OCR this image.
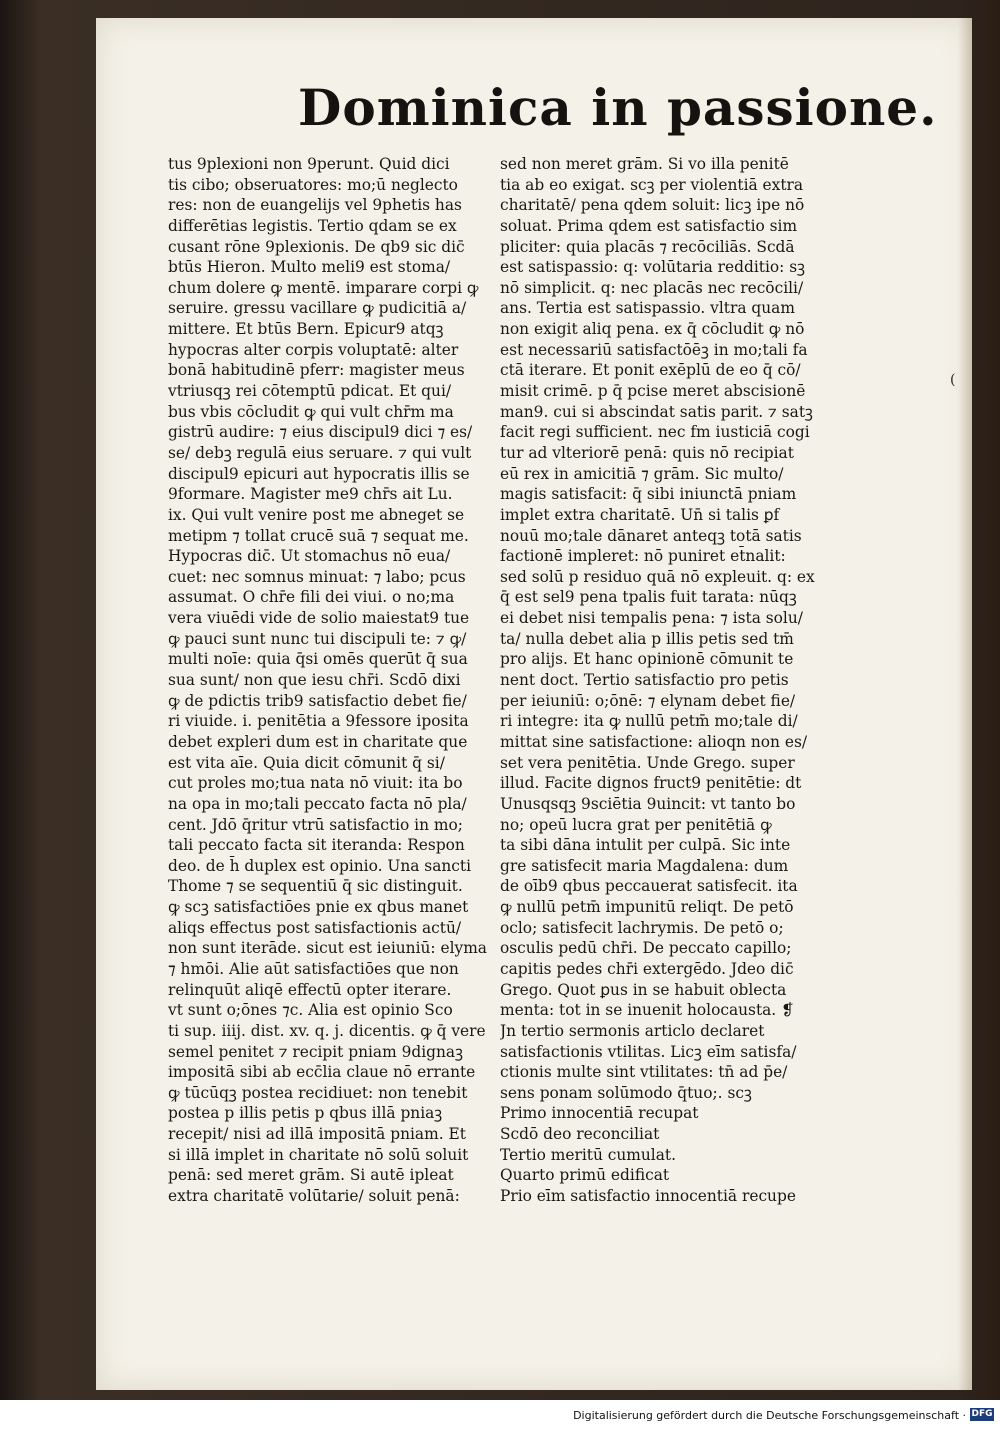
Dominica in passione.
tus 9plexioni non 9perunt. Quid dici
tis cibo; obseruatores: mo;ū neglecto
res: non de euangelijs vel 9phetis has
differētias legistis. Tertio qdam se ex
cusant rōne 9plexionis. De qb9 sic dic̄
btūs Hieron. Multo meli9 est stoma/
chum dolere ꝙ mentē. imparare corpi ꝙ
seruire. gressu vacillare ꝙ pudicitiā a/
mittere. Et btūs Bern. Epicur9 atqꝫ
hypocras alter corpis voluptatē: alter
bonā habitudinē pferr: magister meus
vtriusqꝫ rei cōtemptū pdicat. Et qui/
bus vbis cōcludit ꝙ qui vult chr̄m ma
gistrū audire: ⁊ eius discipul9 dici ⁊ es/
se/ debꝫ regulā eius seruare. ⁊ qui vult
discipul9 epicuri aut hypocratis illis se
9formare. Magister me9 chr̄s ait Lu.
ix. Qui vult venire post me abneget se
metipm ⁊ tollat crucē suā ⁊ sequat me.
Hypocras dic̄. Ut stomachus nō eua/
cuet: nec somnus minuat: ⁊ labo; pcus
assumat. O chr̄e fili dei viui. o no;ma
vera viuēdi vide de solio maiestat9 tue
ꝙ pauci sunt nunc tui discipuli te: ⁊ ꝙ/
multi noīe: quia q̄si omēs querūt q̄ sua
sua sunt/ non que iesu chr̄i. Scdō dixi
ꝙ de pdictis trib9 satisfactio debet fie/
ri viuide. i. penitētia a 9fessore iposita
debet expleri dum est in charitate que
est vita aīe. Quia dicit cōmunit q̄ si/
cut proles mo;tua nata nō viuit: ita bo
na opa in mo;tali peccato facta nō pla/
cent. Jdō q̄ritur vtrū satisfactio in mo;
tali peccato facta sit iteranda: Respon
deo. de h̄ duplex est opinio. Una sancti
Thome ⁊ se sequentiū q̄ sic distinguit.
ꝙ scꝫ satisfactiōes pnie ex qbus manet
aliqs effectus post satisfactionis actū/
non sunt iterāde. sicut est ieiuniū: elyma
⁊ hmōi. Alie aūt satisfactiōes que non
relinquūt aliqē effectū opter iterare.
vt sunt o;ōnes ⁊c. Alia est opinio Sco
ti sup. iiij. dist. xv. q. j. dicentis. ꝙ q̄ vere
semel penitet ⁊ recipit pniam 9dignaꝫ
impositā sibi ab ecc̄lia claue nō errante
ꝙ tūcūqꝫ postea recidiuet: non tenebit
postea p illis petis p qbus illā pniaꝫ
recepit/ nisi ad illā impositā pniam. Et
si illā implet in charitate nō solū soluit
penā: sed meret grām. Si autē ipleat
extra charitatē volūtarie/ soluit penā:
sed non meret grām. Si vo illa penitē
tia ab eo exigat. scꝫ per violentiā extra
charitatē/ pena qdem soluit: licꝫ ipe nō
soluat. Prima qdem est satisfactio sim
pliciter: quia placās ⁊ recōciliās. Scdā
est satispassio: q: volūtaria redditio: sꝫ
nō simplicit. q: nec placās nec recōcili/
ans. Tertia est satispassio. vltra quam
non exigit aliq pena. ex q̄ cōcludit ꝙ nō
est necessariū satisfactōēꝫ in mo;tali fa
ctā iterare. Et ponit exēplū de eo q̄ cō/
misit crimē. p q̄ pcise meret abscisionē
man9. cui si abscindat satis parit. ⁊ satꝫ
facit regi sufficient. nec fm iusticiā cogi
tur ad vlteriorē penā: quis nō recipiat
eū rex in amicitiā ⁊ grām. Sic multo/
magis satisfacit: q̄ sibi iniunctā pniam
implet extra charitatē. Un̄ si talis ꝑf
nouū mo;tale dānaret anteqꝫ totā satis
factionē impleret: nō puniret et̄nalit:
sed solū p residuo quā nō expleuit. q: ex
q̄ est sel9 pena tpalis fuit tarata: nūqꝫ
ei debet nisi tempalis pena: ⁊ ista solu/
ta/ nulla debet alia p illis petis sed tm̄
pro alijs. Et hanc opinionē cōmunit te
nent doct. Tertio satisfactio pro petis
per ieiuniū: o;ōnē: ⁊ elynam debet fie/
ri integre: ita ꝙ nullū petm̄ mo;tale di/
mittat sine satisfactione: alioqn non es/
set vera penitētia. Unde Grego. super
illud. Facite dignos fruct9 penitētie: dt
Unusqsqꝫ 9sciētia 9uincit: vt tanto bo
no; opeū lucra grat per penitētiā ꝙ
ta sibi dāna intulit per culpā. Sic inte
gre satisfecit maria Magdalena: dum
de oīb9 qbus peccauerat satisfecit. ita
ꝙ nullū petm̄ impunitū reliqt. De petō
oclo; satisfecit lachrymis. De petō o;
osculis pedū chr̄i. De peccato capillo;
capitis pedes chr̄i extergēdo. Jdeo dic̄
Grego. Quot ꝑus in se habuit oblecta
menta: tot in se inuenit holocausta. ❡
Jn tertio sermonis articlo declaret
satisfactionis vtilitas. Licꝫ eīm satisfa/
ctionis multe sint vtilitates: tn̄ ad p̄e/
sens ponam solūmodo q̄tuo;. scꝫ
Primo innocentiā recupat
Scdō deo reconciliat
Tertio meritū cumulat.
Quarto primū edificat
Prio eīm satisfactio innocentiā recupe
(
Digitalisierung gefördert durch die Deutsche Forschungsgemeinschaft · DFG
